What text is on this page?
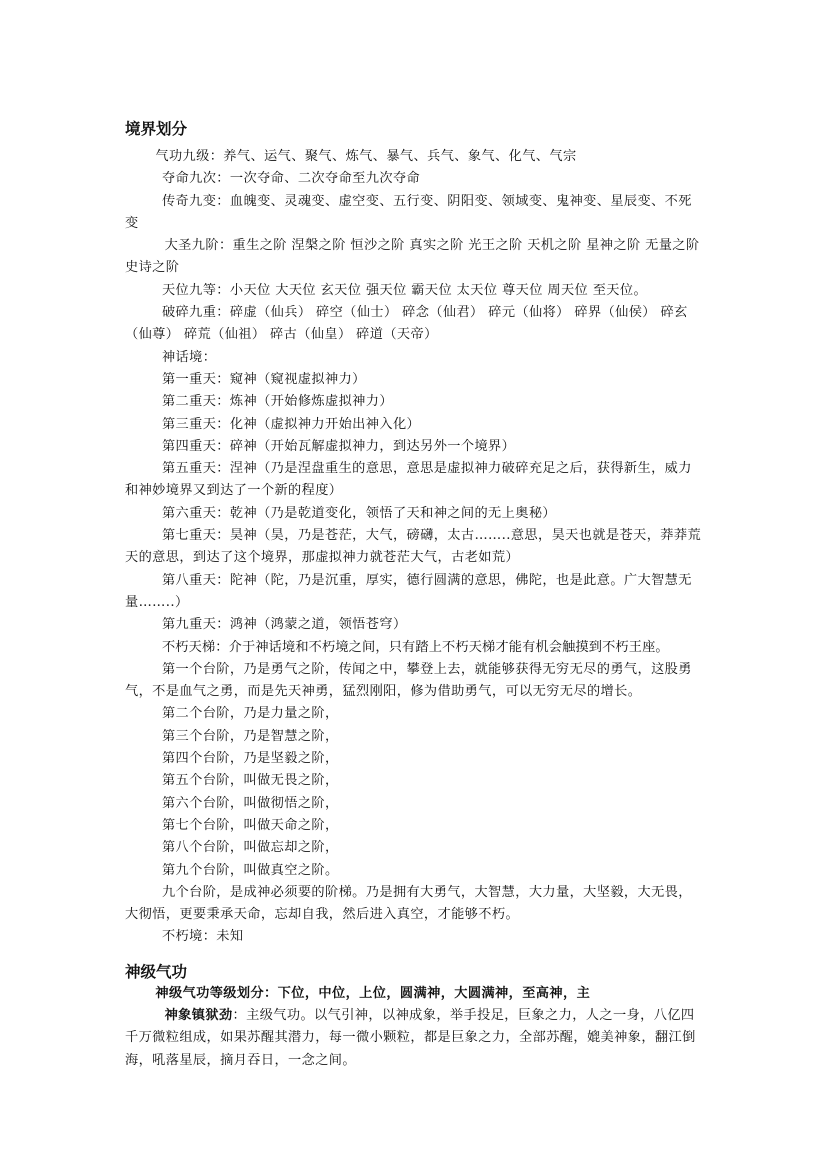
境界划分

气功九级：养气、运气、聚气、炼气、暴气、兵气、象气、化气、气宗

夺命九次：一次夺命、二次夺命至九次夺命

传奇九变：血魄变、灵魂变、虚空变、五行变、阴阳变、领域变、鬼神变、星辰变、不死变

大圣九阶：重生之阶 涅槃之阶 恒沙之阶 真实之阶 光王之阶 天机之阶 星神之阶 无量之阶 史诗之阶

天位九等：小天位 大天位 玄天位 强天位 霸天位 太天位 尊天位 周天位 至天位。

破碎九重：碎虚（仙兵） 碎空（仙士） 碎念（仙君） 碎元（仙将） 碎界（仙侯） 碎玄（仙尊） 碎荒（仙祖） 碎古（仙皇） 碎道（天帝）

神话境：

第一重天：窥神（窥视虚拟神力）

第二重天：炼神（开始修炼虚拟神力）

第三重天：化神（虚拟神力开始出神入化）

第四重天：碎神（开始瓦解虚拟神力，到达另外一个境界）

第五重天：涅神（乃是涅盘重生的意思，意思是虚拟神力破碎充足之后，获得新生，威力和神妙境界又到达了一个新的程度）

第六重天：乾神（乃是乾道变化，领悟了天和神之间的无上奥秘）

第七重天：昊神（昊，乃是苍茫，大气，磅礴，太古……..意思，昊天也就是苍天，莽莽荒天的意思，到达了这个境界，那虚拟神力就苍茫大气，古老如荒）

第八重天：陀神（陀，乃是沉重，厚实，德行圆满的意思，佛陀，也是此意。广大智慧无量……..）

第九重天：鸿神（鸿蒙之道，领悟苍穹）

不朽天梯：介于神话境和不朽境之间，只有踏上不朽天梯才能有机会触摸到不朽王座。

第一个台阶，乃是勇气之阶，传闻之中，攀登上去，就能够获得无穷无尽的勇气，这股勇气，不是血气之勇，而是先天神勇，猛烈刚阳，修为借助勇气，可以无穷无尽的增长。

第二个台阶，乃是力量之阶，

第三个台阶，乃是智慧之阶，

第四个台阶，乃是坚毅之阶，

第五个台阶，叫做无畏之阶，

第六个台阶，叫做彻悟之阶，

第七个台阶，叫做天命之阶，

第八个台阶，叫做忘却之阶，

第九个台阶，叫做真空之阶。

九个台阶，是成神必须要的阶梯。乃是拥有大勇气，大智慧，大力量，大坚毅，大无畏，大彻悟，更要秉承天命，忘却自我，然后进入真空，才能够不朽。

不朽境：未知

神级气功

神级气功等级划分：下位，中位，上位，圆满神，大圆满神，至高神，主

神象镇狱劲：主级气功。以气引神，以神成象，举手投足，巨象之力，人之一身，八亿四千万微粒组成，如果苏醒其潜力，每一微小颗粒，都是巨象之力，全部苏醒，媲美神象，翻江倒海，吼落星辰，摘月吞日，一念之间。
